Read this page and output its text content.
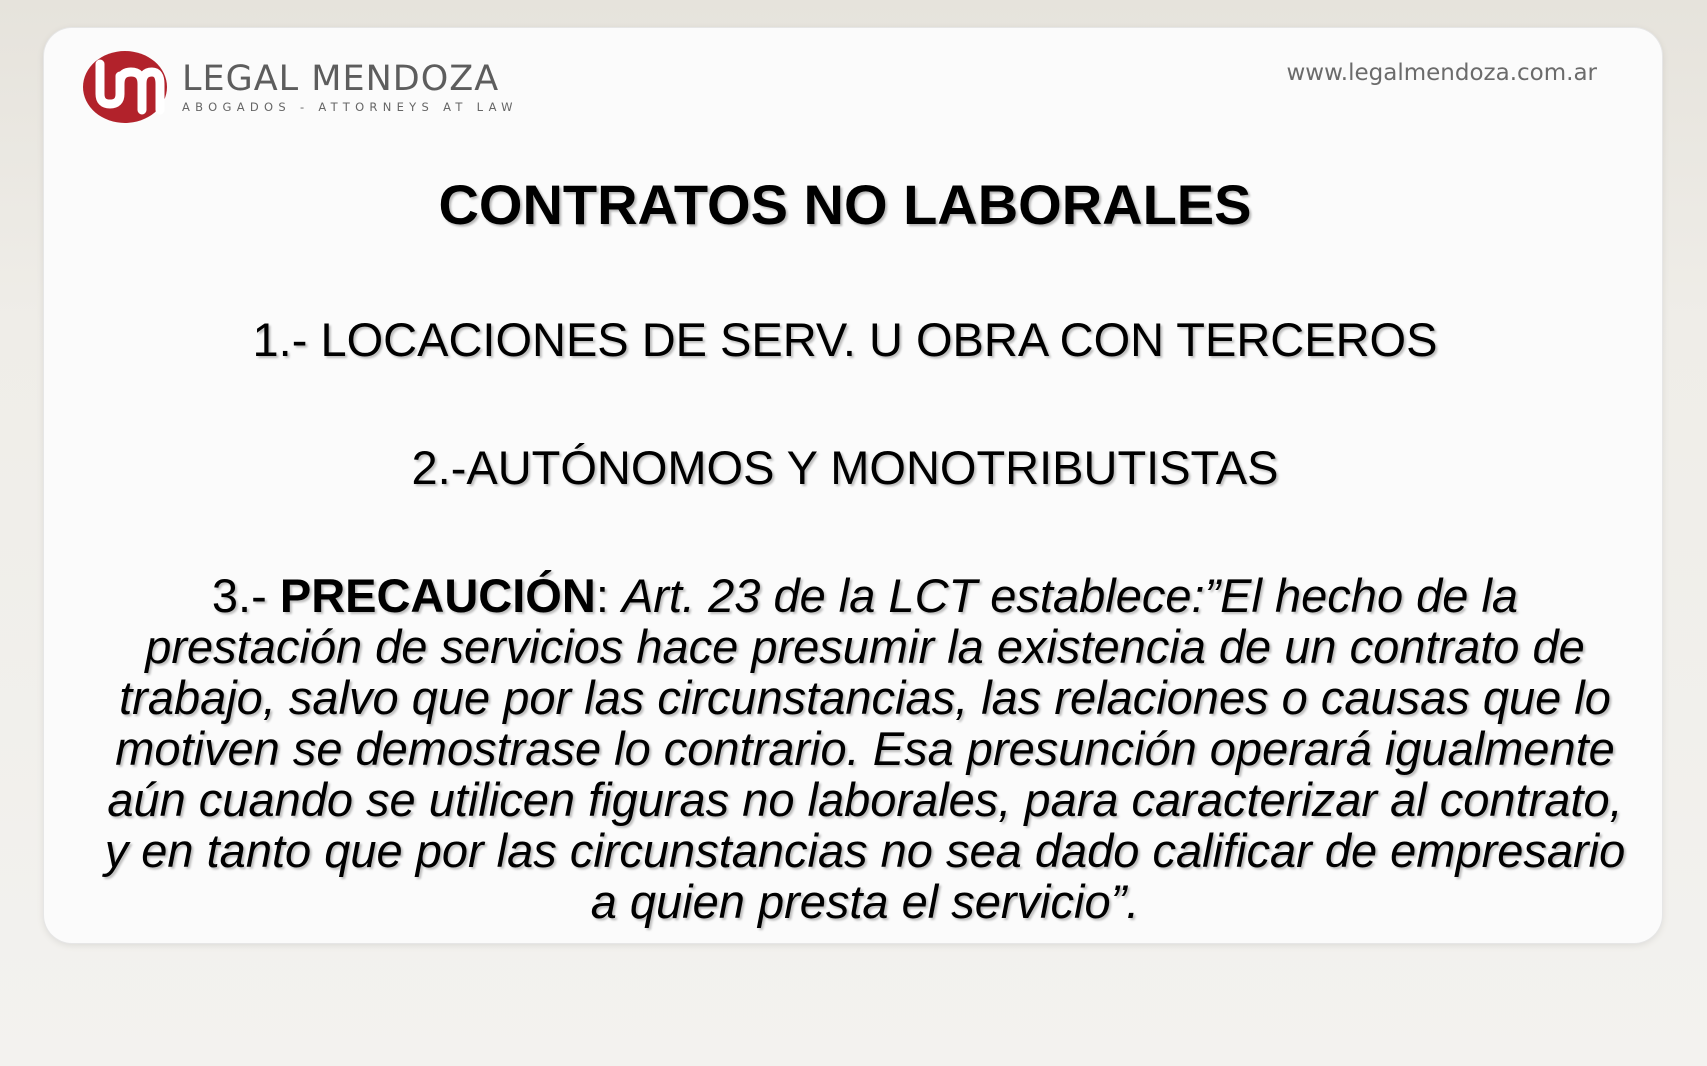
LEGAL MENDOZA
ABOGADOS - ATTORNEYS AT LAW
www.legalmendoza.com.ar
CONTRATOS NO LABORALES
1.- LOCACIONES DE SERV. U OBRA CON TERCEROS
2.-AUTÓNOMOS Y MONOTRIBUTISTAS
3.- PRECAUCIÓN: Art. 23 de la LCT establece:”El hecho de la prestación de servicios hace presumir la existencia de un contrato de trabajo, salvo que por las circunstancias, las relaciones o causas que lo motiven se demostrase lo contrario. Esa presunción operará igualmente aún cuando se utilicen figuras no laborales, para caracterizar al contrato, y en tanto que por las circunstancias no sea dado calificar de empresario a quien presta el servicio”.
